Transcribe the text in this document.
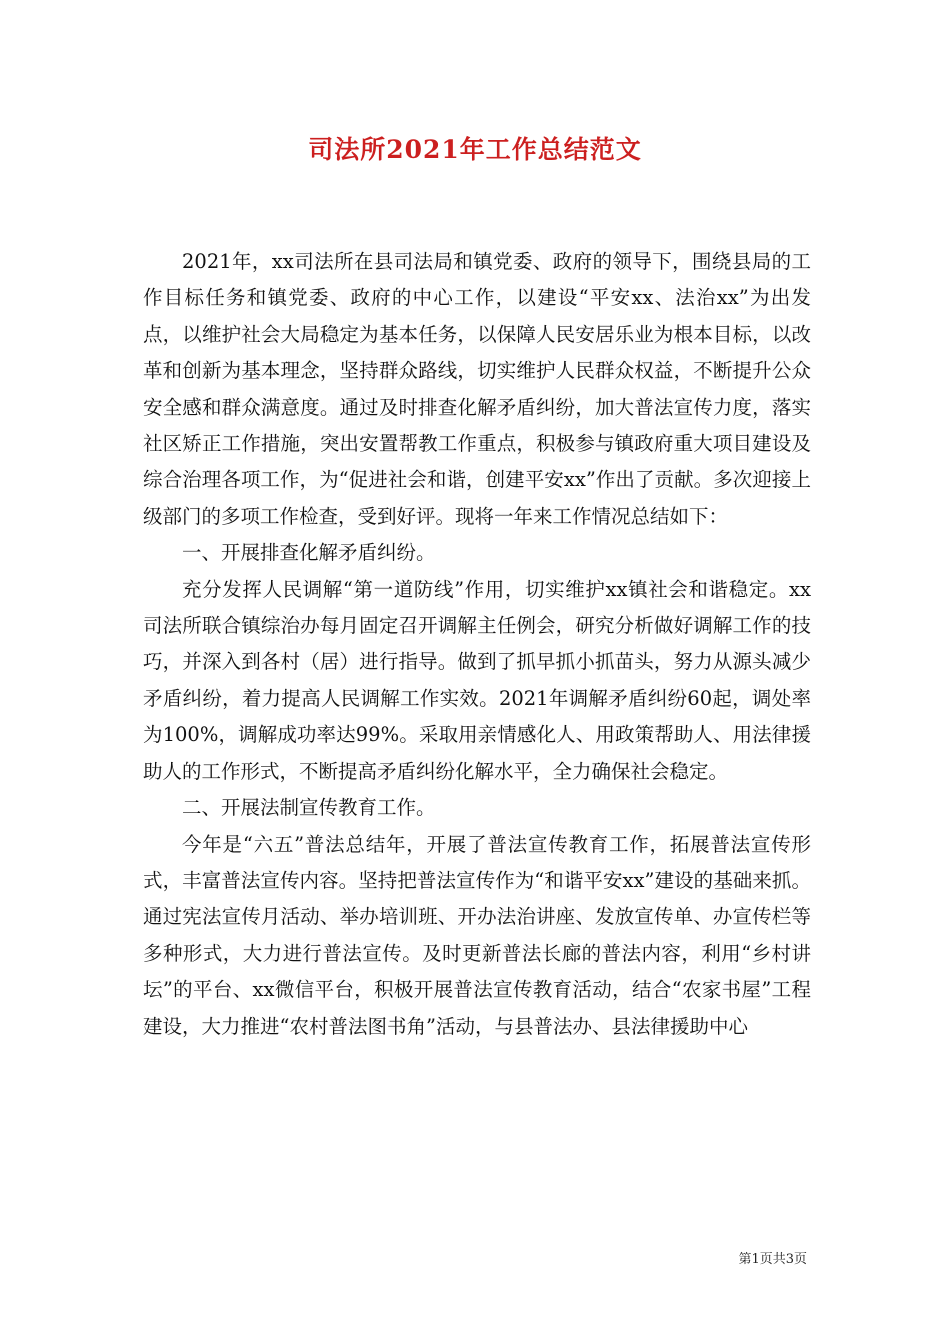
司法所2021年工作总结范文

2021年，xx司法所在县司法局和镇党委、政府的领导下，围绕县局的工作目标任务和镇党委、政府的中心工作，以建设“平安xx、法治xx”为出发点，以维护社会大局稳定为基本任务，以保障人民安居乐业为根本目标，以改革和创新为基本理念，坚持群众路线，切实维护人民群众权益，不断提升公众安全感和群众满意度。通过及时排查化解矛盾纠纷，加大普法宣传力度，落实社区矫正工作措施，突出安置帮教工作重点，积极参与镇政府重大项目建设及综合治理各项工作，为“促进社会和谐，创建平安xx”作出了贡献。多次迎接上级部门的多项工作检查，受到好评。现将一年来工作情况总结如下：

一、开展排查化解矛盾纠纷。

充分发挥人民调解“第一道防线”作用，切实维护xx镇社会和谐稳定。xx司法所联合镇综治办每月固定召开调解主任例会，研究分析做好调解工作的技巧，并深入到各村（居）进行指导。做到了抓早抓小抓苗头，努力从源头减少矛盾纠纷，着力提高人民调解工作实效。2021年调解矛盾纠纷60起，调处率为100%，调解成功率达99%。采取用亲情感化人、用政策帮助人、用法律援助人的工作形式，不断提高矛盾纠纷化解水平，全力确保社会稳定。

二、开展法制宣传教育工作。

今年是“六五”普法总结年，开展了普法宣传教育工作，拓展普法宣传形式，丰富普法宣传内容。坚持把普法宣传作为“和谐平安xx”建设的基础来抓。通过宪法宣传月活动、举办培训班、开办法治讲座、发放宣传单、办宣传栏等多种形式，大力进行普法宣传。及时更新普法长廊的普法内容，利用“乡村讲坛”的平台、xx微信平台，积极开展普法宣传教育活动，结合“农家书屋”工程建设，大力推进“农村普法图书角”活动，与县普法办、县法律援助中心

第1页共3页
